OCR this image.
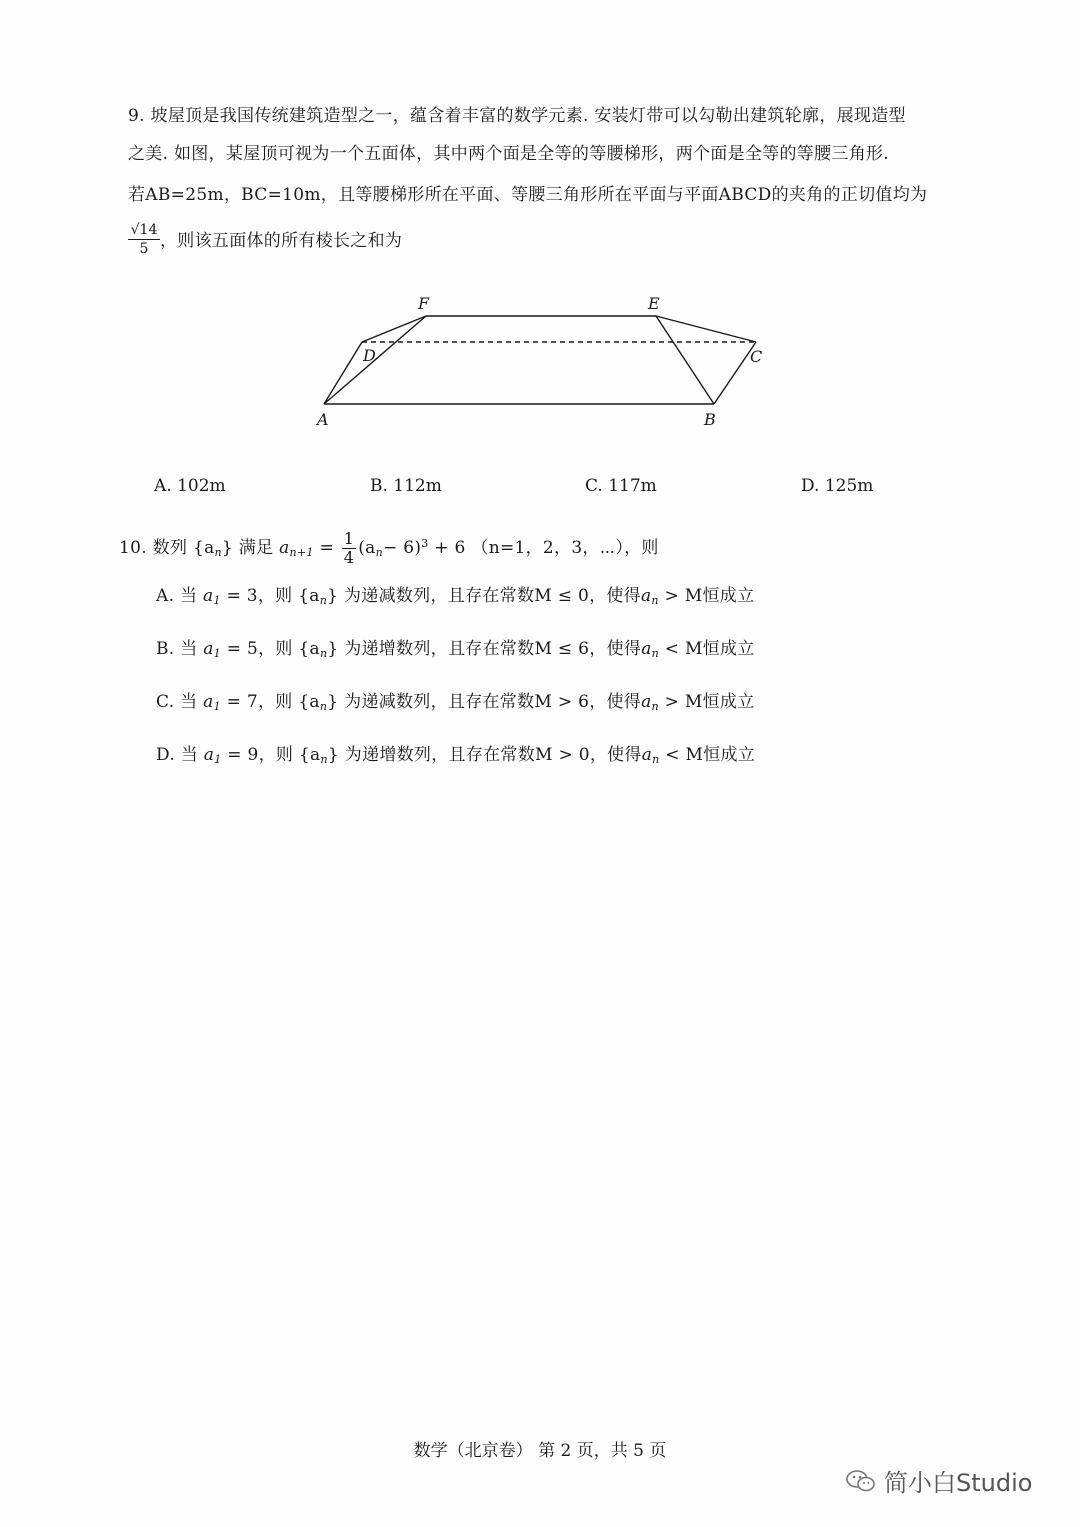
9. 坡屋顶是我国传统建筑造型之一，蕴含着丰富的数学元素. 安装灯带可以勾勒出建筑轮廓，展现造型
之美. 如图，某屋顶可视为一个五面体，其中两个面是全等的等腰梯形，两个面是全等的等腰三角形.
若AB=25m，BC=10m，且等腰梯形所在平面、等腰三角形所在平面与平面ABCD的夹角的正切值均为
$\frac{√14}{5}$ ，则该五面体的所有棱长之和为
F	E
D	C
A	B
A. 102m	B. 112m	C. 117m	D. 125m
10. 数列 $\{a_n\}$ 满足 $a_{n+1} = \frac{1}{4} (a_n- 6)^3 + 6$ （n=1，2，3，⋯），则
A. 当 $a_1 = 3$，则 $\{a_n\}$ 为递减数列，且存在常数M ≤ 0，使得$a_n > M$恒成立
B. 当 $a_1 = 5$，则 $\{a_n\}$ 为递增数列，且存在常数M ≤ 6，使得$a_n < M$恒成立
C. 当 $a_1 = 7$，则 $\{a_n\}$ 为递减数列，且存在常数M > 6，使得$a_n > M$恒成立
D. 当 $a_1 = 9$，则 $\{a_n\}$ 为递增数列，且存在常数M > 0，使得$a_n < M$恒成立
数学（北京卷） 第 2 页，共 5 页
简小白Studio
